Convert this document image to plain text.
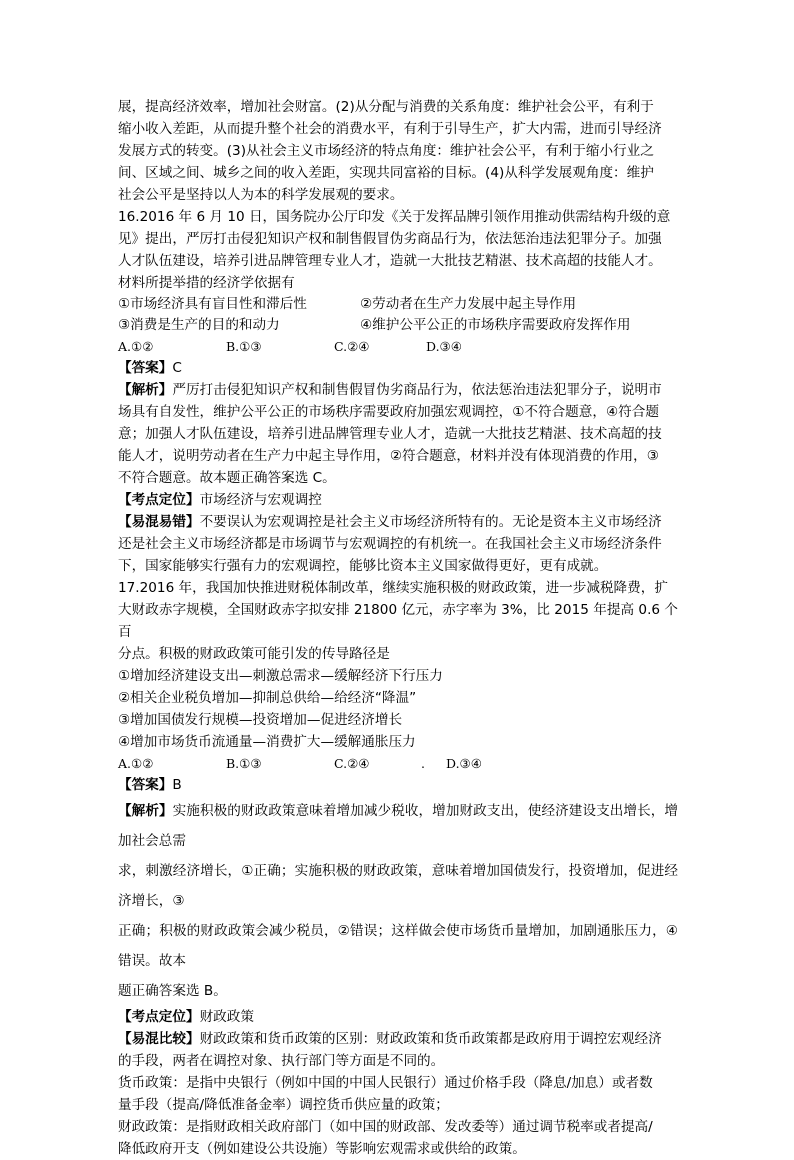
展，提高经济效率，增加社会财富。(2)从分配与消费的关系角度：维护社会公平，有利于

缩小收入差距，从而提升整个社会的消费水平，有利于引导生产，扩大内需，进而引导经济

发展方式的转变。(3)从社会主义市场经济的特点角度：维护社会公平，有利于缩小行业之

间、区域之间、城乡之间的收入差距，实现共同富裕的目标。(4)从科学发展观角度：维护

社会公平是坚持以人为本的科学发展观的要求。

16.2016 年 6 月 10 日，国务院办公厅印发《关于发挥品牌引领作用推动供需结构升级的意

见》提出，严厉打击侵犯知识产权和制售假冒伪劣商品行为，依法惩治违法犯罪分子。加强

人才队伍建设，培养引进品牌管理专业人才，造就一大批技艺精湛、技术高超的技能人才。

材料所提举措的经济学依据有

①市场经济具有盲目性和滞后性	②劳动者在生产力发展中起主导作用
③消费是生产的目的和动力	④维护公平公正的市场秩序需要政府发挥作用
A.①②	B.①③	C.②④	D.③④

【答案】C

【解析】严厉打击侵犯知识产权和制售假冒伪劣商品行为，依法惩治违法犯罪分子，说明市

场具有自发性，维护公平公正的市场秩序需要政府加强宏观调控，①不符合题意，④符合题

意；加强人才队伍建设，培养引进品牌管理专业人才，造就一大批技艺精湛、技术高超的技

能人才，说明劳动者在生产力中起主导作用，②符合题意，材料并没有体现消费的作用，③

不符合题意。故本题正确答案选 C。

【考点定位】市场经济与宏观调控

【易混易错】不要误认为宏观调控是社会主义市场经济所特有的。无论是资本主义市场经济

还是社会主义市场经济都是市场调节与宏观调控的有机统一。在我国社会主义市场经济条件

下，国家能够实行强有力的宏观调控，能够比资本主义国家做得更好，更有成就。

17.2016 年，我国加快推进财税体制改革，继续实施积极的财政政策，进一步减税降费，扩

大财政赤字规模，全国财政赤字拟安排 21800 亿元，赤字率为 3%，比 2015 年提高 0.6 个百

分点。积极的财政政策可能引发的传导路径是

①增加经济建设支出—刺激总需求—缓解经济下行压力

②相关企业税负增加—抑制总供给—给经济“降温”

③增加国债发行规模—投资增加—促进经济增长

④增加市场货币流通量—消费扩大—缓解通胀压力

A.①②	B.①③	C.②④	.	D.③④

【答案】B

【解析】实施积极的财政政策意味着增加减少税收，增加财政支出，使经济建设支出增长，增加社会总需

求，刺激经济增长，①正确；实施积极的财政政策，意味着增加国债发行，投资增加，促进经济增长，③

正确；积极的财政政策会减少税员，②错误；这样做会使市场货币量增加，加剧通胀压力，④错误。故本

题正确答案选 B。

【考点定位】财政政策

【易混比较】财政政策和货币政策的区别：财政政策和货币政策都是政府用于调控宏观经济

的手段，两者在调控对象、执行部门等方面是不同的。

货币政策：是指中央银行（例如中国的中国人民银行）通过价格手段（降息/加息）或者数

量手段（提高/降低准备金率）调控货币供应量的政策；

财政政策：是指财政相关政府部门（如中国的财政部、发改委等）通过调节税率或者提高/

降低政府开支（例如建设公共设施）等影响宏观需求或供给的政策。
